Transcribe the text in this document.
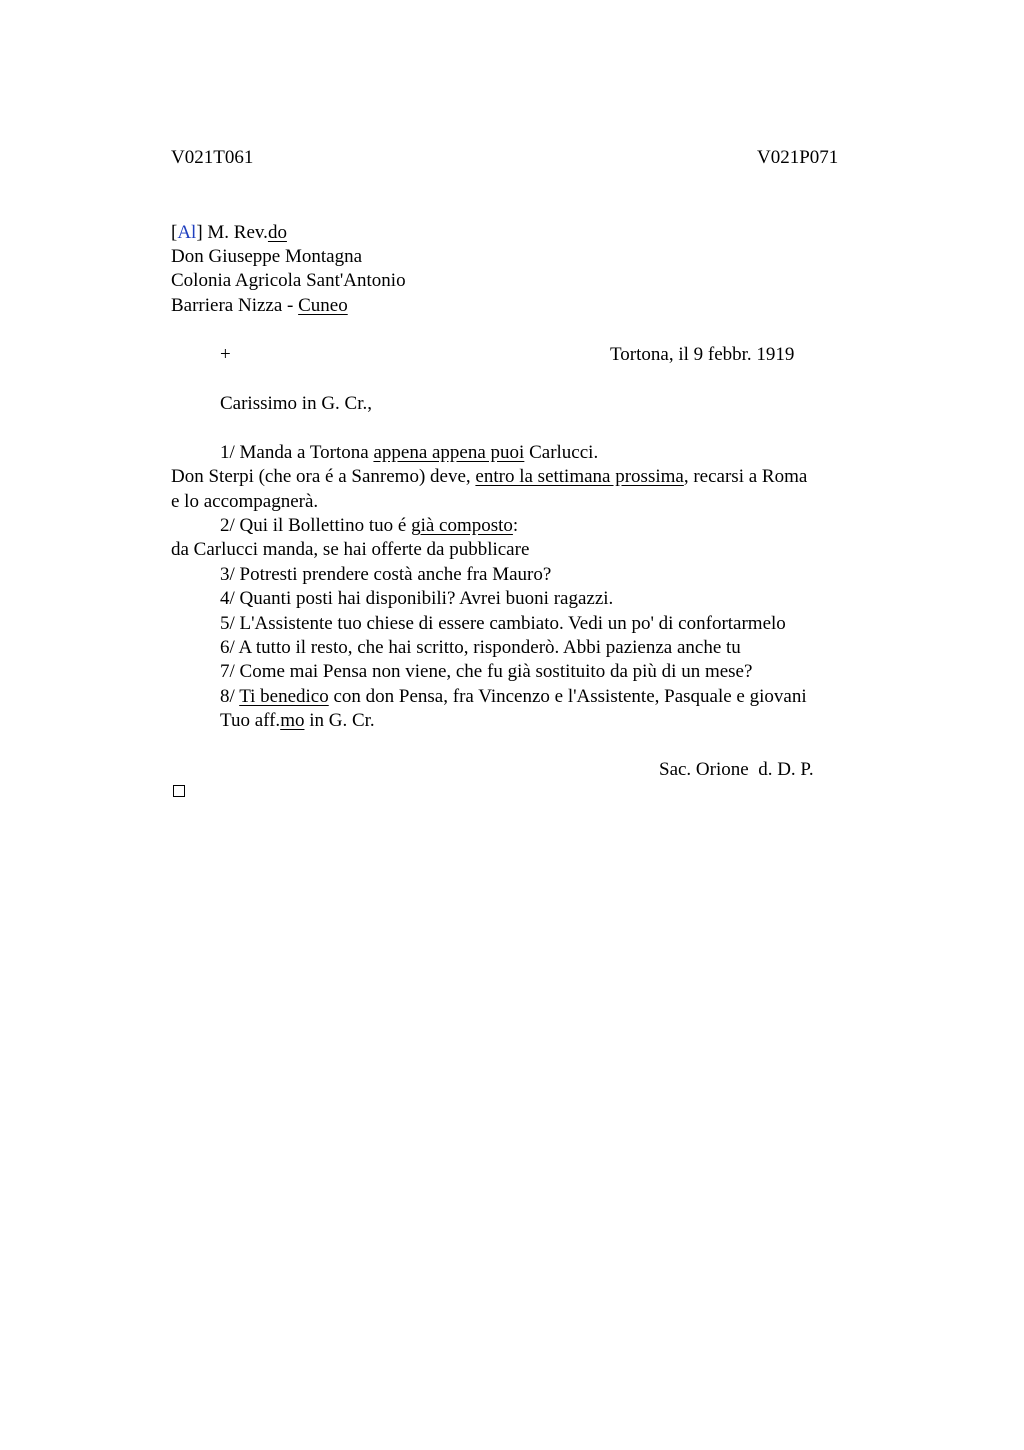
V021T061	V021P071
[Al] M. Rev.do
Don Giuseppe Montagna
Colonia Agricola Sant'Antonio
Barriera Nizza - Cuneo
+	Tortona, il 9 febbr. 1919
Carissimo in G. Cr.,
1/ Manda a Tortona appena appena puoi Carlucci.
Don Sterpi (che ora é a Sanremo) deve, entro la settimana prossima, recarsi a Roma
e lo accompagnerà.
2/ Qui il Bollettino tuo é già composto:
da Carlucci manda, se hai offerte da pubblicare
3/ Potresti prendere costà anche fra Mauro?
4/ Quanti posti hai disponibili? Avrei buoni ragazzi.
5/ L'Assistente tuo chiese di essere cambiato. Vedi un po' di confortarmelo
6/ A tutto il resto, che hai scritto, risponderò. Abbi pazienza anche tu
7/ Come mai Pensa non viene, che fu già sostituito da più di un mese?
8/ Ti benedico con don Pensa, fra Vincenzo e l'Assistente, Pasquale e giovani
Tuo aff.mo in G. Cr.
Sac. Orione  d. D. P.
